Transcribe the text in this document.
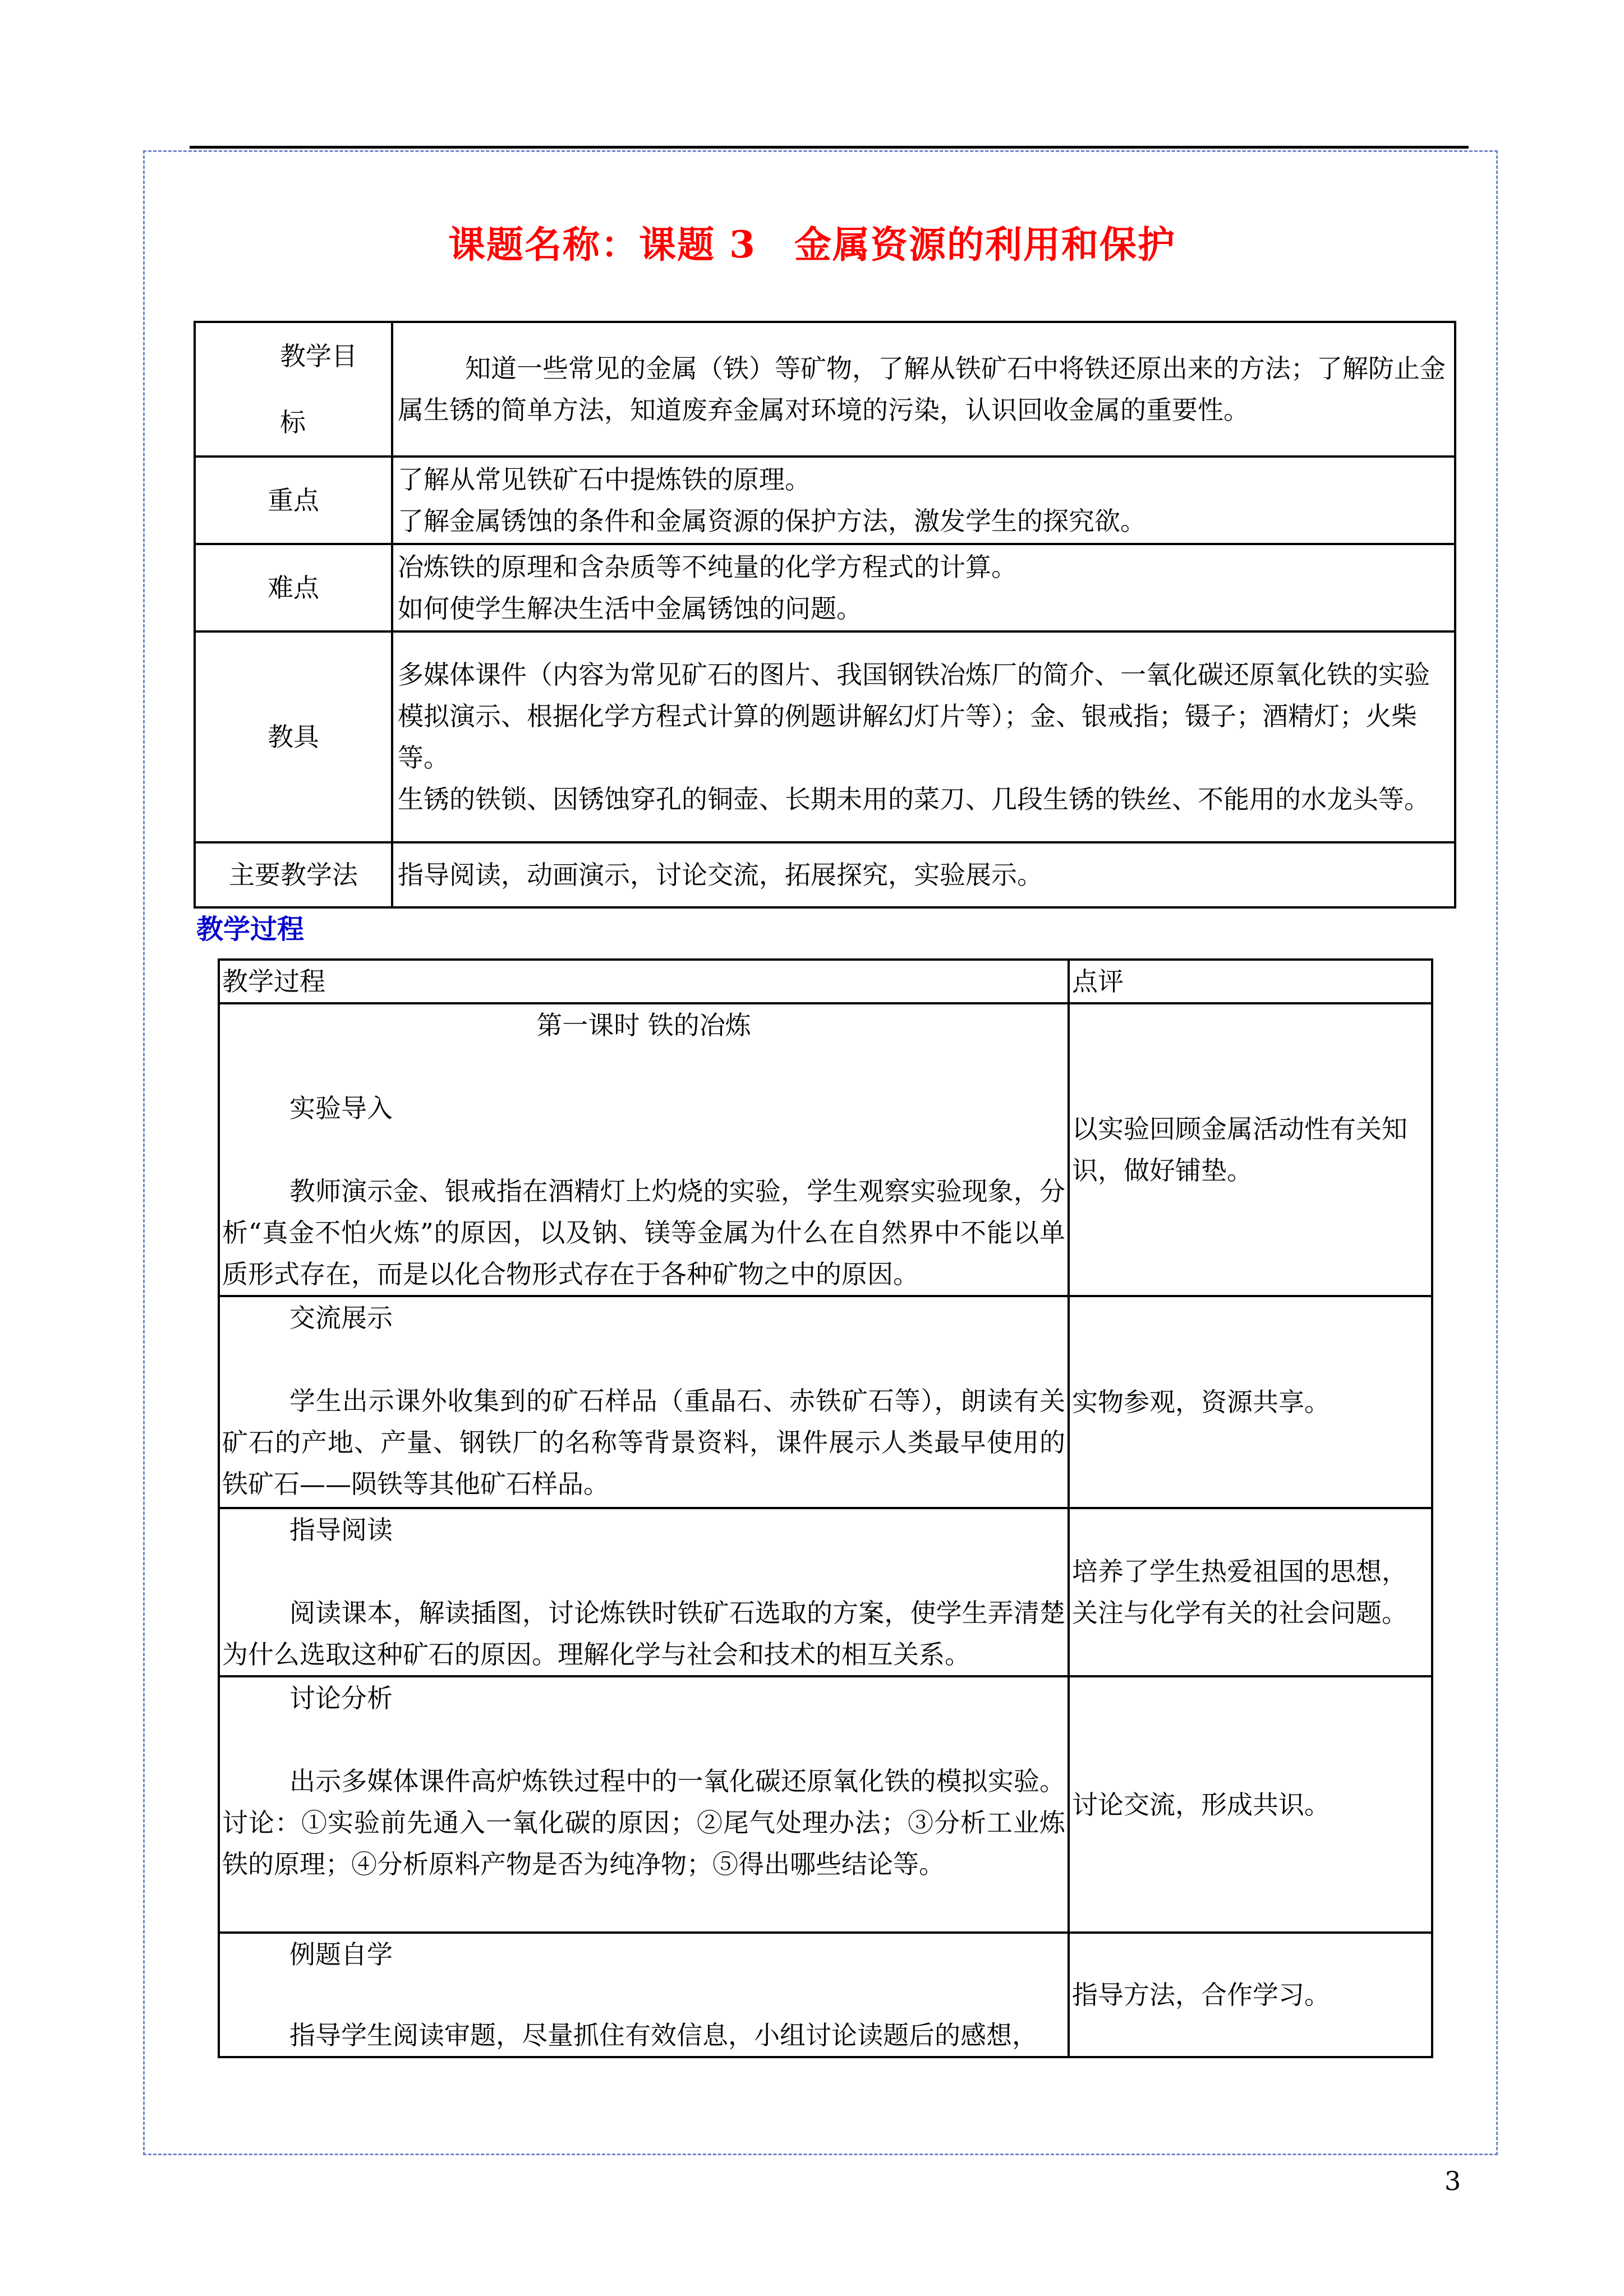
课题名称：课题 3　金属资源的利用和保护
教学目
标	知道一些常见的金属（铁）等矿物，了解从铁矿石中将铁还原出来的方法；了解防止金属生锈的简单方法，知道废弃金属对环境的污染，认识回收金属的重要性。
重点	了解从常见铁矿石中提炼铁的原理。
了解金属锈蚀的条件和金属资源的保护方法，激发学生的探究欲。

难点	冶炼铁的原理和含杂质等不纯量的化学方程式的计算。
如何使学生解决生活中金属锈蚀的问题。

教具	多媒体课件（内容为常见矿石的图片、我国钢铁冶炼厂的简介、一氧化碳还原氧化铁的实验模拟演示、根据化学方程式计算的例题讲解幻灯片等）；金、银戒指；镊子；酒精灯；火柴等。
生锈的铁锁、因锈蚀穿孔的铜壶、长期未用的菜刀、几段生锈的铁丝、不能用的水龙头等。

主要教学法	指导阅读，动画演示，讨论交流，拓展探究，实验展示。
教学过程
教学过程	点评

第一课时 铁的冶炼
实验导入
教师演示金、银戒指在酒精灯上灼烧的实验，学生观察实验现象，分析“真金不怕火炼”的原因，以及钠、镁等金属为什么在自然界中不能以单质形式存在，而是以化合物形式存在于各种矿物之中的原因。	以实验回顾金属活动性有关知识，做好铺垫。

交流展示
学生出示课外收集到的矿石样品（重晶石、赤铁矿石等），朗读有关矿石的产地、产量、钢铁厂的名称等背景资料，课件展示人类最早使用的铁矿石——陨铁等其他矿石样品。	实物参观，资源共享。

指导阅读
阅读课本，解读插图，讨论炼铁时铁矿石选取的方案，使学生弄清楚为什么选取这种矿石的原因。理解化学与社会和技术的相互关系。	培养了学生热爱祖国的思想，关注与化学有关的社会问题。

讨论分析
出示多媒体课件高炉炼铁过程中的一氧化碳还原氧化铁的模拟实验。讨论：①实验前先通入一氧化碳的原因；②尾气处理办法；③分析工业炼铁的原理；④分析原料产物是否为纯净物；⑤得出哪些结论等。	讨论交流，形成共识。

例题自学
指导学生阅读审题，尽量抓住有效信息，小组讨论读题后的感想，	指导方法，合作学习。
3
